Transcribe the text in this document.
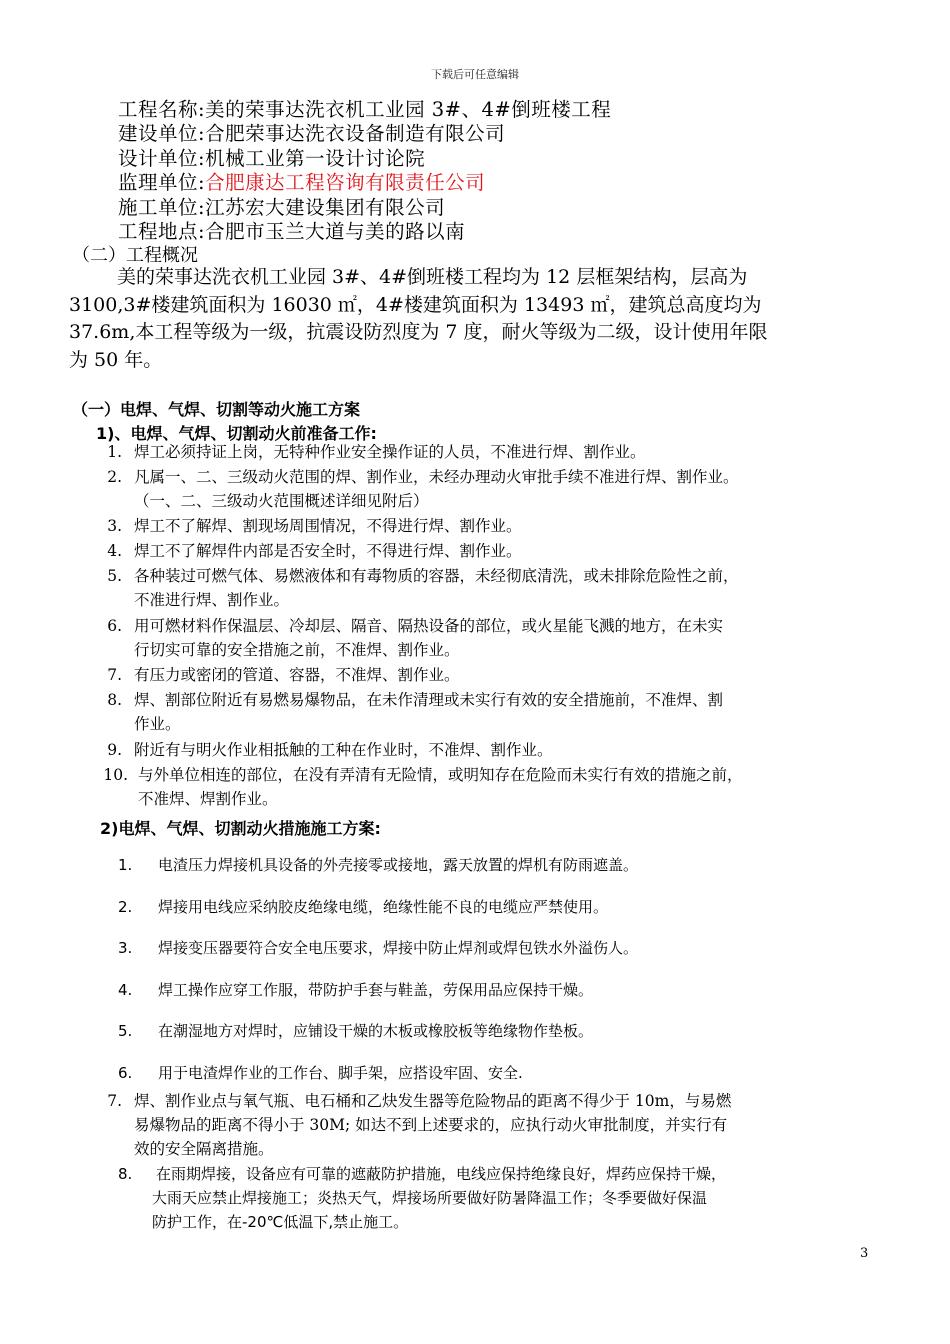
下载后可任意编辑
工程名称:美的荣事达洗衣机工业园 3#、4#倒班楼工程
建设单位:合肥荣事达洗衣设备制造有限公司
设计单位:机械工业第一设计讨论院
监理单位:合肥康达工程咨询有限责任公司
施工单位:江苏宏大建设集团有限公司
工程地点:合肥市玉兰大道与美的路以南
（二）工程概况
美的荣事达洗衣机工业园 3#、4#倒班楼工程均为 12 层框架结构，层高为
3100,3#楼建筑面积为 16030 ㎡，4#楼建筑面积为 13493 ㎡，建筑总高度均为
37.6m,本工程等级为一级，抗震设防烈度为 7 度，耐火等级为二级，设计使用年限
为 50 年。
（一）电焊、气焊、切割等动火施工方案
1)、电焊、气焊、切割动火前准备工作:
1. 焊工必须持证上岗，无特种作业安全操作证的人员，不准进行焊、割作业。
2. 凡属一、二、三级动火范围的焊、割作业，未经办理动火审批手续不准进行焊、割作业。
（一、二、三级动火范围概述详细见附后）
3. 焊工不了解焊、割现场周围情况，不得进行焊、割作业。
4. 焊工不了解焊件内部是否安全时，不得进行焊、割作业。
5. 各种装过可燃气体、易燃液体和有毒物质的容器，未经彻底清洗，或未排除危险性之前，
不准进行焊、割作业。
6. 用可燃材料作保温层、冷却层、隔音、隔热设备的部位，或火星能飞溅的地方，在未实
行切实可靠的安全措施之前，不准焊、割作业。
7. 有压力或密闭的管道、容器，不准焊、割作业。
8. 焊、割部位附近有易燃易爆物品，在未作清理或未实行有效的安全措施前，不准焊、割
作业。
9. 附近有与明火作业相抵触的工种在作业时，不准焊、割作业。
10. 与外单位相连的部位，在没有弄清有无险情，或明知存在危险而未实行有效的措施之前，
不准焊、焊割作业。
2)电焊、气焊、切割动火措施施工方案:
1. 电渣压力焊接机具设备的外壳接零或接地，露天放置的焊机有防雨遮盖。
2. 焊接用电线应采纳胶皮绝缘电缆，绝缘性能不良的电缆应严禁使用。
3. 焊接变压器要符合安全电压要求，焊接中防止焊剂或焊包铁水外溢伤人。
4. 焊工操作应穿工作服，带防护手套与鞋盖，劳保用品应保持干燥。
5. 在潮湿地方对焊时，应铺设干燥的木板或橡胶板等绝缘物作垫板。
6. 用于电渣焊作业的工作台、脚手架，应搭设牢固、安全.
7. 焊、割作业点与氧气瓶、电石桶和乙炔发生器等危险物品的距离不得少于 10m，与易燃
易爆物品的距离不得小于 30M; 如达不到上述要求的，应执行动火审批制度，并实行有
效的安全隔离措施。
8. 在雨期焊接，设备应有可靠的遮蔽防护措施，电线应保持绝缘良好，焊药应保持干燥，
大雨天应禁止焊接施工；炎热天气，焊接场所要做好防暑降温工作；冬季要做好保温
防护工作，在-20℃低温下,禁止施工。
3
